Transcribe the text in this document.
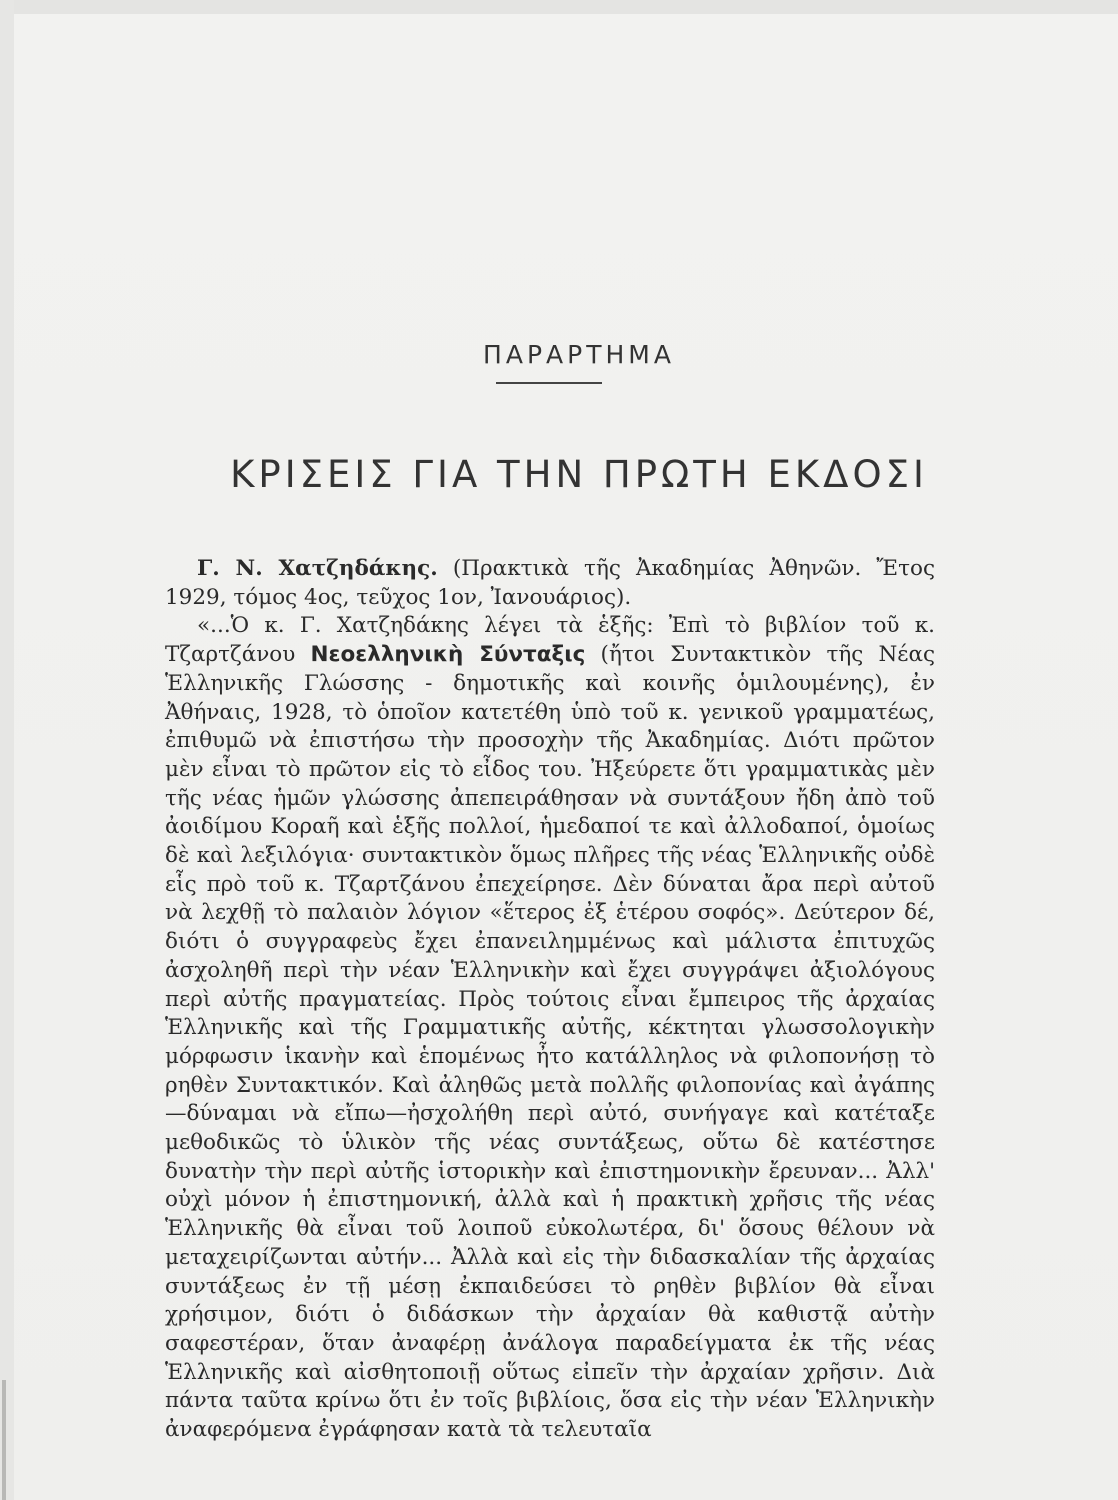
ΠΑΡΑΡΤΗΜΑ
ΚΡΙΣΕΙΣ ΓΙΑ ΤΗΝ ΠΡΩΤΗ ΕΚΔΟΣΙ

Γ. Ν. Χατζηδάκης. (Πρακτικὰ τῆς Ἀκαδημίας Ἀθηνῶν. Ἔτος 1929, τόμος 4ος, τεῦχος 1ον, Ἰανουάριος).

«...Ὁ κ. Γ. Χατζηδάκης λέγει τὰ ἑξῆς: Ἐπὶ τὸ βιβλίον τοῦ κ. Τζαρτζάνου Νεοελληνικὴ Σύνταξις (ἤτοι Συντακτικὸν τῆς Νέας Ἑλληνικῆς Γλώσσης - δημοτικῆς καὶ κοινῆς ὁμιλουμένης), ἐν Ἀθήναις, 1928, τὸ ὁποῖον κατετέθη ὑπὸ τοῦ κ. γενικοῦ γραμματέως, ἐπιθυμῶ νὰ ἐπιστήσω τὴν προσοχὴν τῆς Ἀκαδημίας. Διότι πρῶτον μὲν εἶναι τὸ πρῶτον εἰς τὸ εἶδος του. Ἠξεύρετε ὅτι γραμματικὰς μὲν τῆς νέας ἡμῶν γλώσσης ἀπεπειράθησαν νὰ συντάξουν ἤδη ἀπὸ τοῦ ἀοιδίμου Κοραῆ καὶ ἑξῆς πολλοί, ἡμεδαποί τε καὶ ἀλλοδαποί, ὁμοίως δὲ καὶ λεξιλόγια· συντακτικὸν ὅμως πλῆρες τῆς νέας Ἑλληνικῆς οὐδὲ εἷς πρὸ τοῦ κ. Τζαρτζάνου ἐπεχείρησε. Δὲν δύναται ἄρα περὶ αὐτοῦ νὰ λεχθῇ τὸ παλαιὸν λόγιον «ἕτερος ἐξ ἑτέρου σοφός». Δεύτερον δέ, διότι ὁ συγγραφεὺς ἔχει ἐπανειλημμένως καὶ μάλιστα ἐπιτυχῶς ἀσχοληθῆ περὶ τὴν νέαν Ἑλληνικὴν καὶ ἔχει συγγράψει ἀξιολόγους περὶ αὐτῆς πραγματείας. Πρὸς τούτοις εἶναι ἔμπειρος τῆς ἀρχαίας Ἑλληνικῆς καὶ τῆς Γραμματικῆς αὐτῆς, κέκτηται γλωσσολογικὴν μόρφωσιν ἱκανὴν καὶ ἑπομένως ἦτο κατάλληλος νὰ φιλοπονήσῃ τὸ ρηθὲν Συντακτικόν. Καὶ ἀληθῶς μετὰ πολλῆς φιλοπονίας καὶ ἀγάπης—δύναμαι νὰ εἴπω—ἠσχολήθη περὶ αὐτό, συνήγαγε καὶ κατέταξε μεθοδικῶς τὸ ὑλικὸν τῆς νέας συντάξεως, οὕτω δὲ κατέστησε δυνατὴν τὴν περὶ αὐτῆς ἱστορικὴν καὶ ἐπιστημονικὴν ἔρευναν... Ἀλλ' οὐχὶ μόνον ἡ ἐπιστημονική, ἀλλὰ καὶ ἡ πρακτικὴ χρῆσις τῆς νέας Ἑλληνικῆς θὰ εἶναι τοῦ λοιποῦ εὐκολωτέρα, δι' ὅσους θέλουν νὰ μεταχειρίζωνται αὐτήν... Ἀλλὰ καὶ εἰς τὴν διδασκαλίαν τῆς ἀρχαίας συντάξεως ἐν τῇ μέσῃ ἐκπαιδεύσει τὸ ρηθὲν βιβλίον θὰ εἶναι χρήσιμον, διότι ὁ διδάσκων τὴν ἀρχαίαν θὰ καθιστᾷ αὐτὴν σαφεστέραν, ὅταν ἀναφέρῃ ἀνάλογα παραδείγματα ἐκ τῆς νέας Ἑλληνικῆς καὶ αἰσθητοποιῇ οὕτως εἰπεῖν τὴν ἀρχαίαν χρῆσιν. Διὰ πάντα ταῦτα κρίνω ὅτι ἐν τοῖς βιβλίοις, ὅσα εἰς τὴν νέαν Ἑλληνικὴν ἀναφερόμενα ἐγράφησαν κατὰ τὰ τελευταῖα
